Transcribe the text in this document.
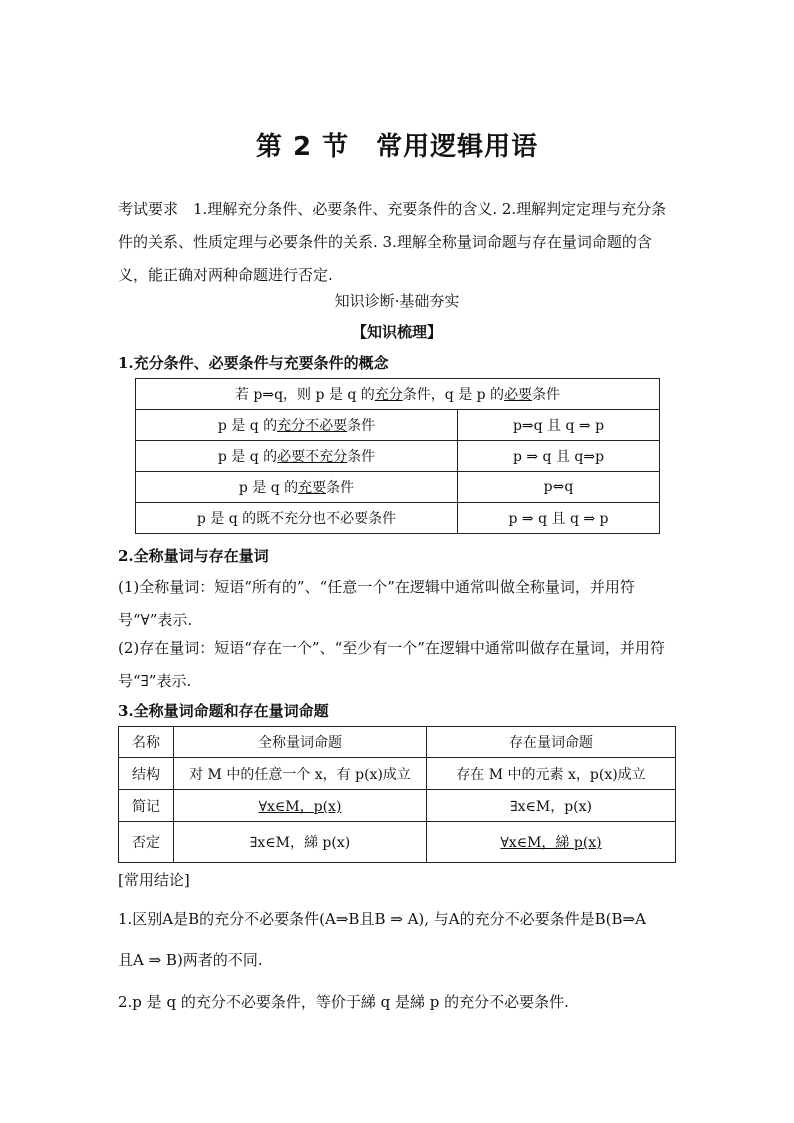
第 2 节　常用逻辑用语
考试要求　1.理解充分条件、必要条件、充要条件的含义. 2.理解判定定理与充分条件的关系、性质定理与必要条件的关系. 3.理解全称量词命题与存在量词命题的含义，能正确对两种命题进行否定.
知识诊断·基础夯实
【知识梳理】
1.充分条件、必要条件与充要条件的概念
若 p⇒q，则 p 是 q 的充分条件，q 是 p 的必要条件	
p 是 q 的充分不必要条件	p⇒q 且 q ⇒ p
p 是 q 的必要不充分条件	p ⇒ q 且 q⇒p
p 是 q 的充要条件	p⇔q
p 是 q 的既不充分也不必要条件	p ⇒ q 且 q ⇒ p
2.全称量词与存在量词
(1)全称量词：短语“所有的”、“任意一个”在逻辑中通常叫做全称量词，并用符号“∀”表示.
(2)存在量词：短语“存在一个”、“至少有一个”在逻辑中通常叫做存在量词，并用符号“∃”表示.
3.全称量词命题和存在量词命题
名称	全称量词命题	存在量词命题
结构	对 M 中的任意一个 x，有 p(x)成立	存在 M 中的元素 x，p(x)成立
简记	∀x∈M，p(x)	∃x∈M，p(x)
否定	∃x∈M，綈 p(x)	∀x∈M，綈 p(x)
[常用结论]
1.区别A是B的充分不必要条件(A⇒B且B ⇒ A), 与A的充分不必要条件是B(B⇒A
且A ⇒ B)两者的不同.
2.p 是 q 的充分不必要条件，等价于綈 q 是綈 p 的充分不必要条件.
